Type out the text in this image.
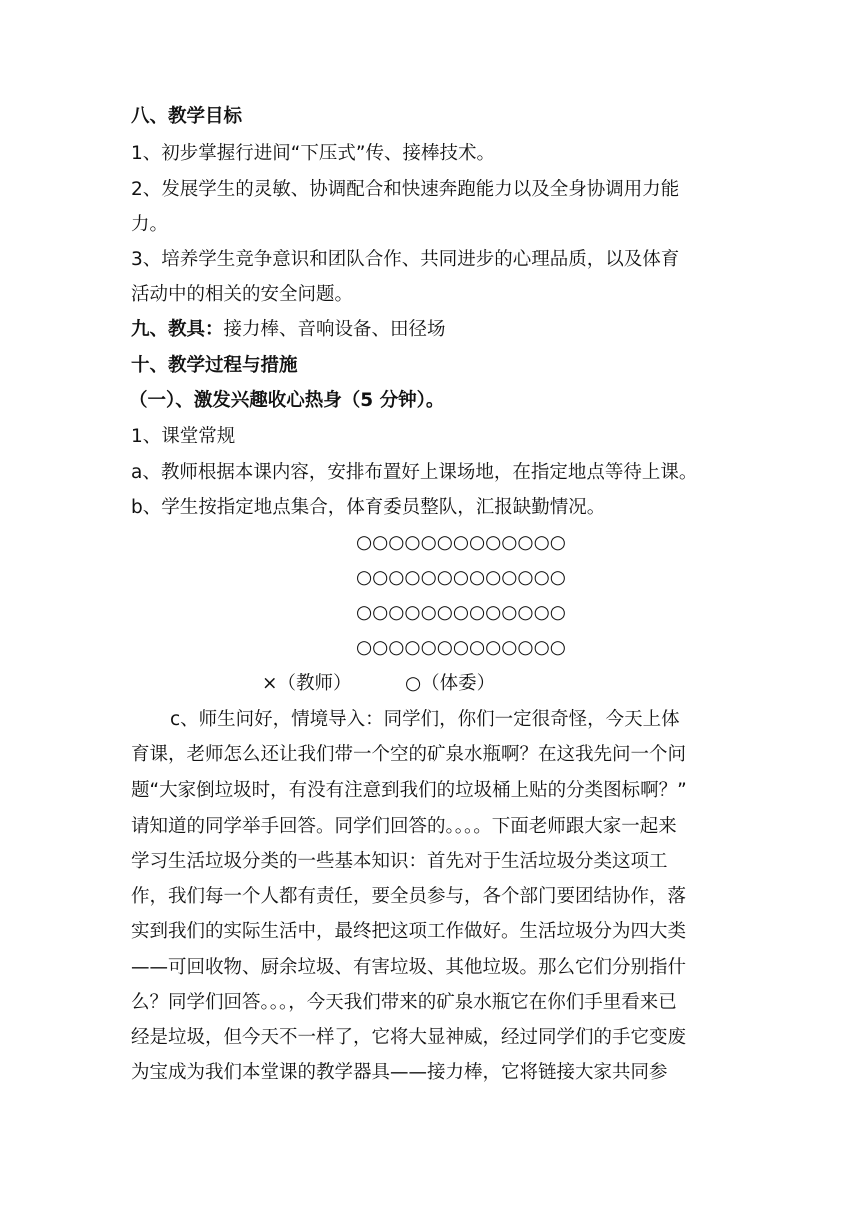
八、教学目标
1、初步掌握行进间“下压式”传、接棒技术。
2、发展学生的灵敏、协调配合和快速奔跑能力以及全身协调用力能
力。
3、培养学生竞争意识和团队合作、共同进步的心理品质，以及体育
活动中的相关的安全问题。
九、教具：接力棒、音响设备、田径场
十、教学过程与措施
（一）、激发兴趣收心热身（5 分钟）。
1、课堂常规
a、教师根据本课内容，安排布置好上课场地，在指定地点等待上课。
b、学生按指定地点集合，体育委员整队，汇报缺勤情况。
○○○○○○○○○○○○○
○○○○○○○○○○○○○
○○○○○○○○○○○○○
○○○○○○○○○○○○○
×（教师）	○（体委）
c、师生问好，情境导入：同学们，你们一定很奇怪，今天上体
育课，老师怎么还让我们带一个空的矿泉水瓶啊？在这我先问一个问
题“大家倒垃圾时，有没有注意到我们的垃圾桶上贴的分类图标啊？”
请知道的同学举手回答。同学们回答的。。。。下面老师跟大家一起来
学习生活垃圾分类的一些基本知识：首先对于生活垃圾分类这项工
作，我们每一个人都有责任，要全员参与，各个部门要团结协作，落
实到我们的实际生活中，最终把这项工作做好。生活垃圾分为四大类
——可回收物、厨余垃圾、有害垃圾、其他垃圾。那么它们分别指什
么？同学们回答。。。，今天我们带来的矿泉水瓶它在你们手里看来已
经是垃圾，但今天不一样了，它将大显神威，经过同学们的手它变废
为宝成为我们本堂课的教学器具——接力棒，它将链接大家共同参
